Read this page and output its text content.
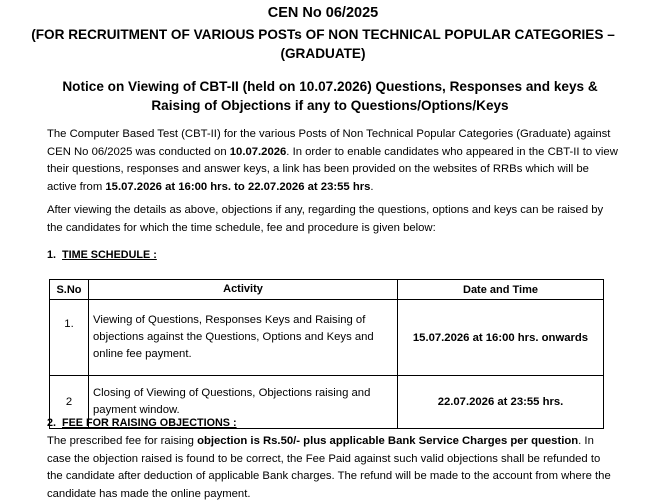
CEN No 06/2025
(FOR RECRUITMENT OF VARIOUS POSTs OF NON TECHNICAL POPULAR CATEGORIES – (GRADUATE)
Notice on Viewing of CBT-II (held on 10.07.2026) Questions, Responses and keys & Raising of Objections if any to Questions/Options/Keys
The Computer Based Test (CBT-II) for the various Posts of Non Technical Popular Categories (Graduate) against CEN No 06/2025 was conducted on 10.07.2026. In order to enable candidates who appeared in the CBT-II to view their questions, responses and answer keys, a link has been provided on the websites of RRBs which will be active from 15.07.2026 at 16:00 hrs. to 22.07.2026 at 23:55 hrs.
After viewing the details as above, objections if any, regarding the questions, options and keys can be raised by the candidates for which the time schedule, fee and procedure is given below:
1. TIME SCHEDULE :
S.No	Activity	Date and Time
1.	Viewing of Questions, Responses Keys and Raising of objections against the Questions, Options and Keys and online fee payment.	15.07.2026 at 16:00 hrs. onwards
2	Closing of Viewing of Questions, Objections raising and payment window.	22.07.2026 at 23:55 hrs.
2. FEE FOR RAISING OBJECTIONS :
The prescribed fee for raising objection is Rs.50/- plus applicable Bank Service Charges per question. In case the objection raised is found to be correct, the Fee Paid against such valid objections shall be refunded to the candidate after deduction of applicable Bank charges. The refund will be made to the account from where the candidate has made the online payment.
